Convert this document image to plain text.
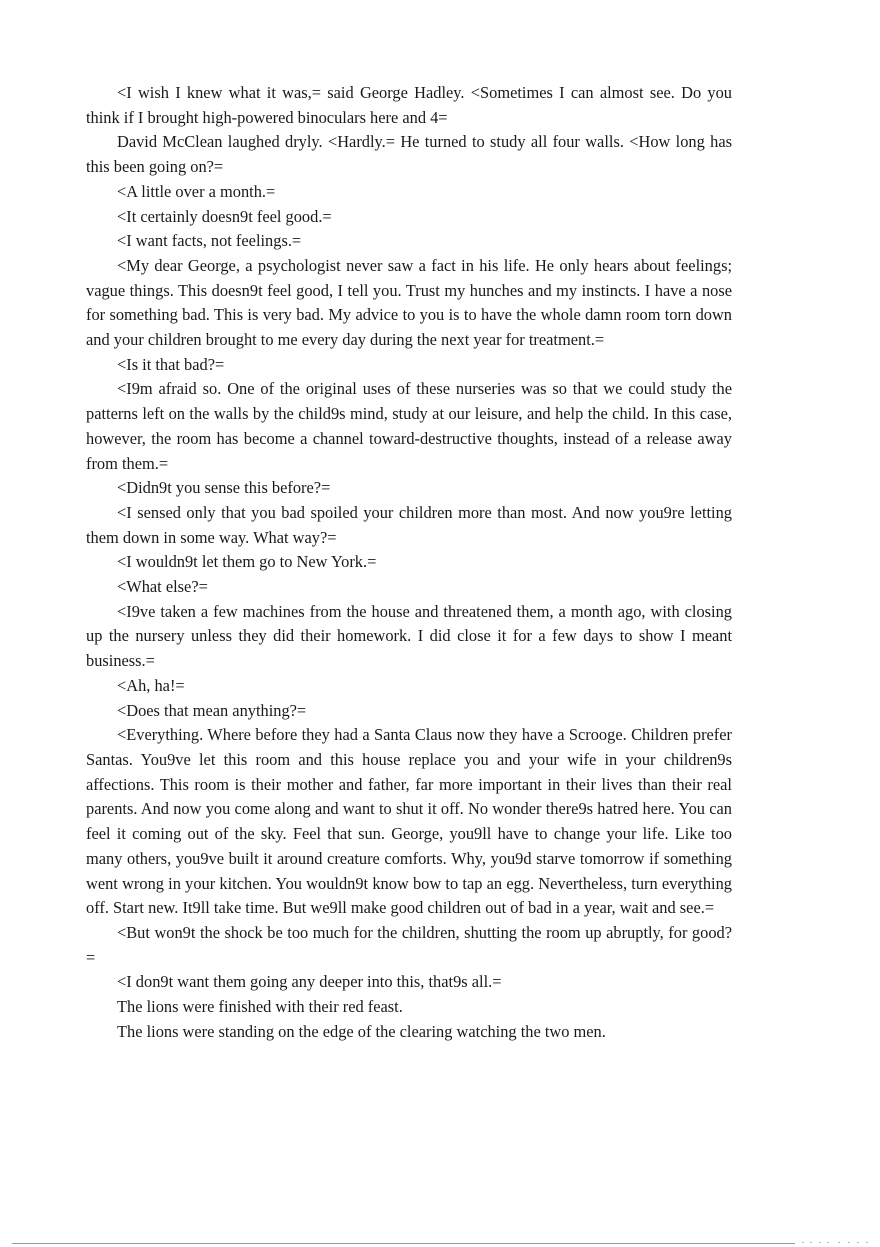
<I wish I knew what it was,= said George Hadley. <Sometimes I can almost see. Do you think if I brought high-powered binoculars here and 4=

David McClean laughed dryly. <Hardly.= He turned to study all four walls. <How long has this been going on?=

<A little over a month.=

<It certainly doesn9t feel good.=

<I want facts, not feelings.=

<My dear George, a psychologist never saw a fact in his life. He only hears about feelings; vague things. This doesn9t feel good, I tell you. Trust my hunches and my instincts. I have a nose for something bad. This is very bad. My advice to you is to have the whole damn room torn down and your children brought to me every day during the next year for treatment.=

<Is it that bad?=

<I9m afraid so. One of the original uses of these nurseries was so that we could study the patterns left on the walls by the child9s mind, study at our leisure, and help the child. In this case, however, the room has become a channel toward-destructive thoughts, instead of a release away from them.=

<Didn9t you sense this before?=

<I sensed only that you bad spoiled your children more than most. And now you9re letting them down in some way. What way?=

<I wouldn9t let them go to New York.=

<What else?=

<I9ve taken a few machines from the house and threatened them, a month ago, with closing up the nursery unless they did their homework. I did close it for a few days to show I meant business.=

<Ah, ha!=

<Does that mean anything?=

<Everything. Where before they had a Santa Claus now they have a Scrooge. Children prefer Santas. You9ve let this room and this house replace you and your wife in your children9s affections. This room is their mother and father, far more important in their lives than their real parents. And now you come along and want to shut it off. No wonder there9s hatred here. You can feel it coming out of the sky. Feel that sun. George, you9ll have to change your life. Like too many others, you9ve built it around creature comforts. Why, you9d starve tomorrow if something went wrong in your kitchen. You wouldn9t know bow to tap an egg. Nevertheless, turn everything off. Start new. It9ll take time. But we9ll make good children out of bad in a year, wait and see.=

<But won9t the shock be too much for the children, shutting the room up abruptly, for good?=

<I don9t want them going any deeper into this, that9s all.=

The lions were finished with their red feast.

The lions were standing on the edge of the clearing watching the two men.
